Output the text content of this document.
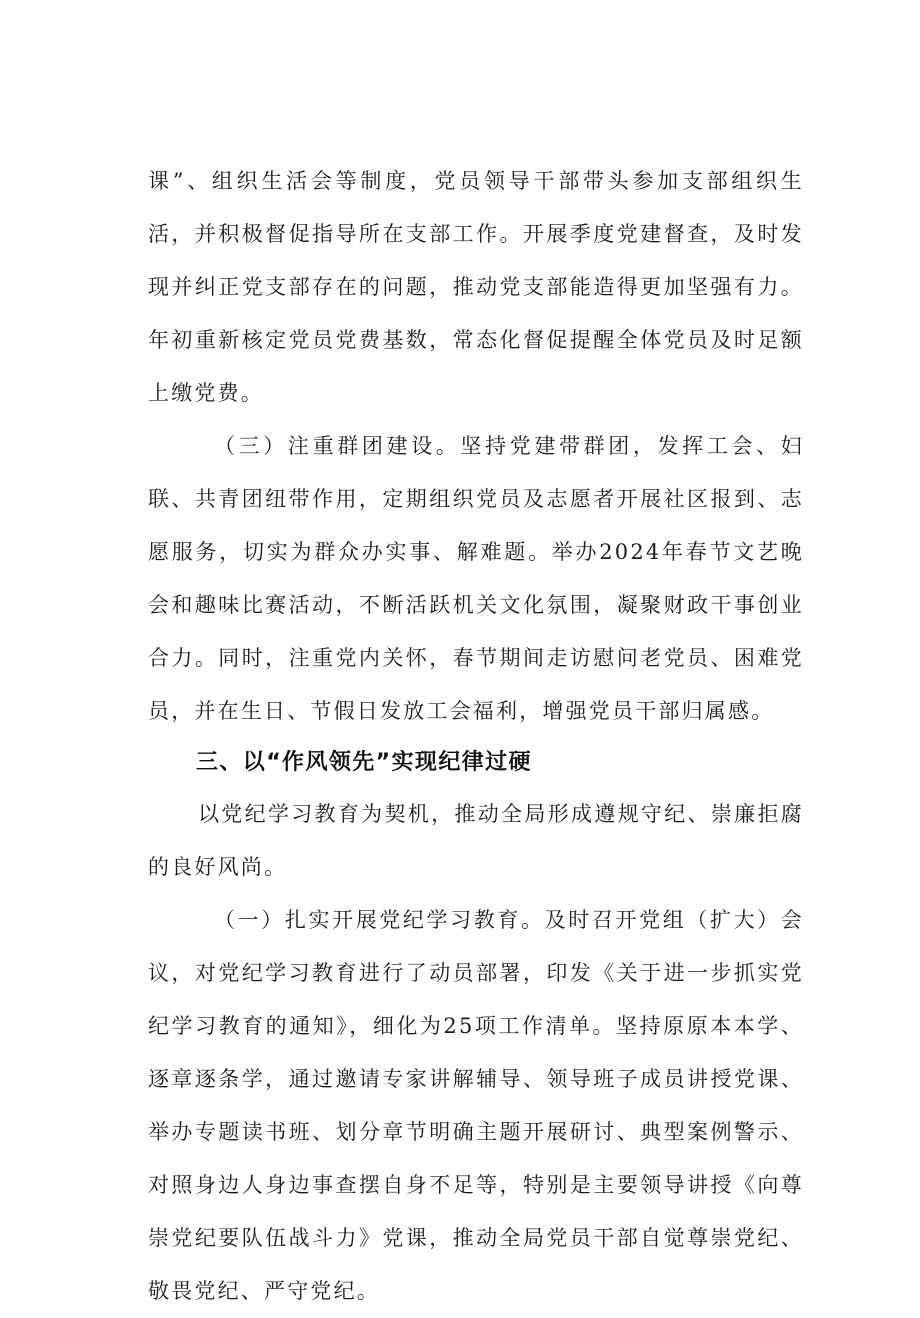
课”、组织生活会等制度，党员领导干部带头参加支部组织生活，并积极督促指导所在支部工作。开展季度党建督查，及时发现并纠正党支部存在的问题，推动党支部能造得更加坚强有力。年初重新核定党员党费基数，常态化督促提醒全体党员及时足额上缴党费。

（三）注重群团建设。坚持党建带群团，发挥工会、妇联、共青团纽带作用，定期组织党员及志愿者开展社区报到、志愿服务，切实为群众办实事、解难题。举办2024年春节文艺晚会和趣味比赛活动，不断活跃机关文化氛围，凝聚财政干事创业合力。同时，注重党内关怀，春节期间走访慰问老党员、困难党员，并在生日、节假日发放工会福利，增强党员干部归属感。

三、以“作风领先”实现纪律过硬

以党纪学习教育为契机，推动全局形成遵规守纪、崇廉拒腐的良好风尚。

（一）扎实开展党纪学习教育。及时召开党组（扩大）会议，对党纪学习教育进行了动员部署，印发《关于进一步抓实党纪学习教育的通知》，细化为25项工作清单。坚持原原本本学、逐章逐条学，通过邀请专家讲解辅导、领导班子成员讲授党课、举办专题读书班、划分章节明确主题开展研讨、典型案例警示、对照身边人身边事查摆自身不足等，特别是主要领导讲授《向尊崇党纪要队伍战斗力》党课，推动全局党员干部自觉尊崇党纪、敬畏党纪、严守党纪。
